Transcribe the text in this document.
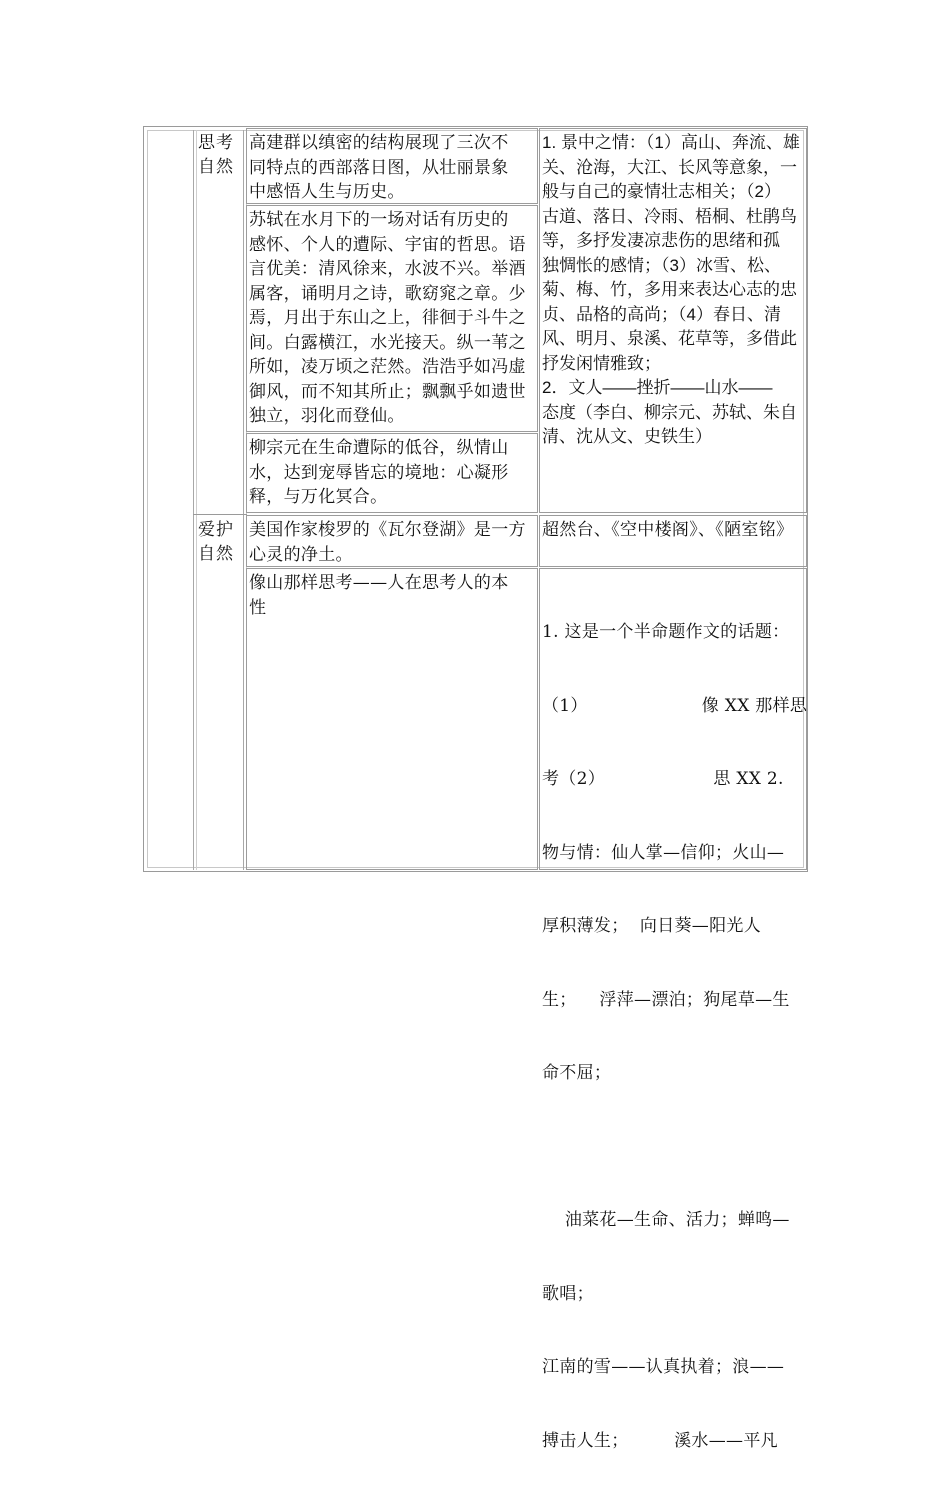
思考自然
高建群以缜密的结构展现了三次不
同特点的西部落日图，从壮丽景象
中感悟人生与历史。
苏轼在水月下的一场对话有历史的
感怀、个人的遭际、宇宙的哲思。语
言优美：清风徐来，水波不兴。举酒
属客，诵明月之诗，歌窈窕之章。少
焉，月出于东山之上，徘徊于斗牛之
间。白露横江，水光接天。纵一苇之
所如，凌万顷之茫然。浩浩乎如冯虚
御风，而不知其所止；飘飘乎如遗世
独立，羽化而登仙。
柳宗元在生命遭际的低谷，纵情山
水，达到宠辱皆忘的境地：心凝形
释，与万化冥合。
1. 景中之情：（1）高山、奔流、雄
关、沧海，大江、长风等意象，一
般与自己的豪情壮志相关；（2）
古道、落日、冷雨、梧桐、杜鹃鸟
等，多抒发凄凉悲伤的思绪和孤
独惆怅的感情；（3）冰雪、松、
菊、梅、竹，多用来表达心志的忠
贞、品格的高尚；（4）春日、清
风、明月、泉溪、花草等，多借此
抒发闲情雅致；
2．文人——挫折——山水——
态度（李白、柳宗元、苏轼、朱自
清、沈从文、史铁生）
爱护自然
美国作家梭罗的《瓦尔登湖》是一方
心灵的净土。
超然台、《空中楼阁》、《陋室铭》
像山那样思考——人在思考人的本
性

1. 这是一个半命题作文的话题：

（1）                    像 XX 那样思

考（2）                   思 XX 2.

物与情：仙人掌—信仰；火山—

厚积薄发；  向日葵—阳光人

生；    浮萍—漂泊；狗尾草—生

命不屈；

油菜花—生命、活力；蝉鸣—

歌唱；

江南的雪——认真执着；浪——

搏击人生；        溪水——平凡
